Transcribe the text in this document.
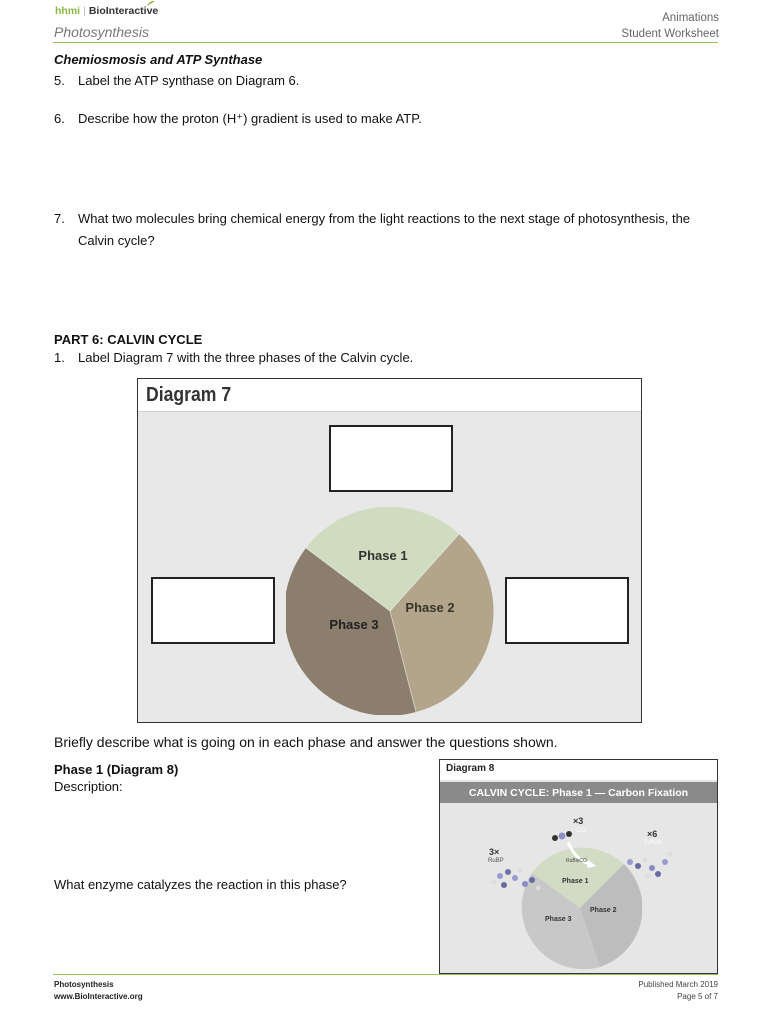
hhmi | BioInteractive
Photosynthesis
Animations
Student Worksheet
Chemiosmosis and ATP Synthase
5. Label the ATP synthase on Diagram 6.
6. Describe how the proton (H⁺) gradient is used to make ATP.
7. What two molecules bring chemical energy from the light reactions to the next stage of photosynthesis, the
Calvin cycle?
PART 6: CALVIN CYCLE
1. Label Diagram 7 with the three phases of the Calvin cycle.
Diagram 7
Phase 1
Phase 2
Phase 3
Briefly describe what is going on in each phase and answer the questions shown.
Phase 1 (Diagram 8)
Description:
What enzyme catalyzes the reaction in this phase?
Diagram 8
CALVIN CYCLE: Phase 1 — Carbon Fixation
×3
CO₂
3×
RuBP
×6
3-PGA
RuBisCO
Phase 1
Phase 2
Phase 3
Photosynthesis
www.BioInteractive.org
Published March 2019
Page 5 of 7
